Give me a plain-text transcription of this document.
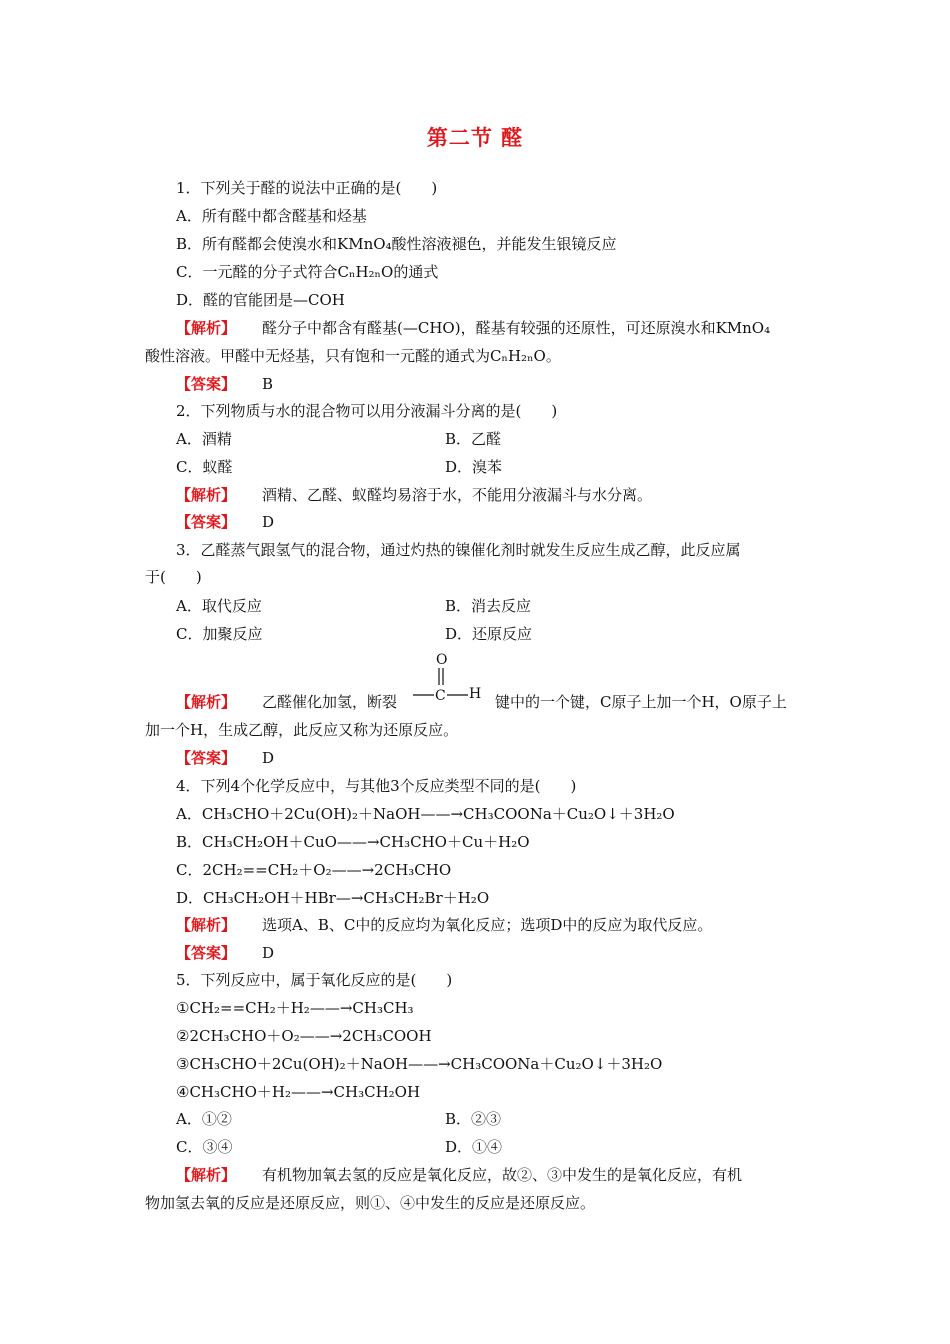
第二节 醛
1．下列关于醛的说法中正确的是(　　)
A．所有醛中都含醛基和烃基
B．所有醛都会使溴水和KMnO₄酸性溶液褪色，并能发生银镜反应
C．一元醛的分子式符合CₙH₂ₙO的通式
D．醛的官能团是—COH
【解析】 醛分子中都含有醛基(—CHO)，醛基有较强的还原性，可还原溴水和KMnO₄
酸性溶液。甲醛中无烃基，只有饱和一元醛的通式为CₙH₂ₙO。
【答案】 B
2．下列物质与水的混合物可以用分液漏斗分离的是(　　)
A．酒精	B．乙醛
C．蚁醛	D．溴苯
【解析】 酒精、乙醛、蚁醛均易溶于水，不能用分液漏斗与水分离。
【答案】 D
3．乙醛蒸气跟氢气的混合物，通过灼热的镍催化剂时就发生反应生成乙醇，此反应属
于(　　)
A．取代反应	B．消去反应
C．加聚反应	D．还原反应
【解析】 乙醛催化加氢，断裂
O
C H 键中的一个键，C原子上加一个H，O原子上
加一个H，生成乙醇，此反应又称为还原反应。
【答案】 D
4．下列4个化学反应中，与其他3个反应类型不同的是(　　)
A．CH₃CHO＋2Cu(OH)₂＋NaOH——→CH₃COONa＋Cu₂O↓＋3H₂O
B．CH₃CH₂OH＋CuO——→CH₃CHO＋Cu＋H₂O
C．2CH₂==CH₂＋O₂——→2CH₃CHO
D．CH₃CH₂OH＋HBr—→CH₃CH₂Br＋H₂O
【解析】 选项A、B、C中的反应均为氧化反应；选项D中的反应为取代反应。
【答案】 D
5．下列反应中，属于氧化反应的是(　　)
①CH₂==CH₂＋H₂——→CH₃CH₃
②2CH₃CHO＋O₂——→2CH₃COOH
③CH₃CHO＋2Cu(OH)₂＋NaOH——→CH₃COONa＋Cu₂O↓＋3H₂O
④CH₃CHO＋H₂——→CH₃CH₂OH
A．①②	B．②③
C．③④	D．①④
【解析】 有机物加氧去氢的反应是氧化反应，故②、③中发生的是氧化反应，有机
物加氢去氧的反应是还原反应，则①、④中发生的反应是还原反应。
